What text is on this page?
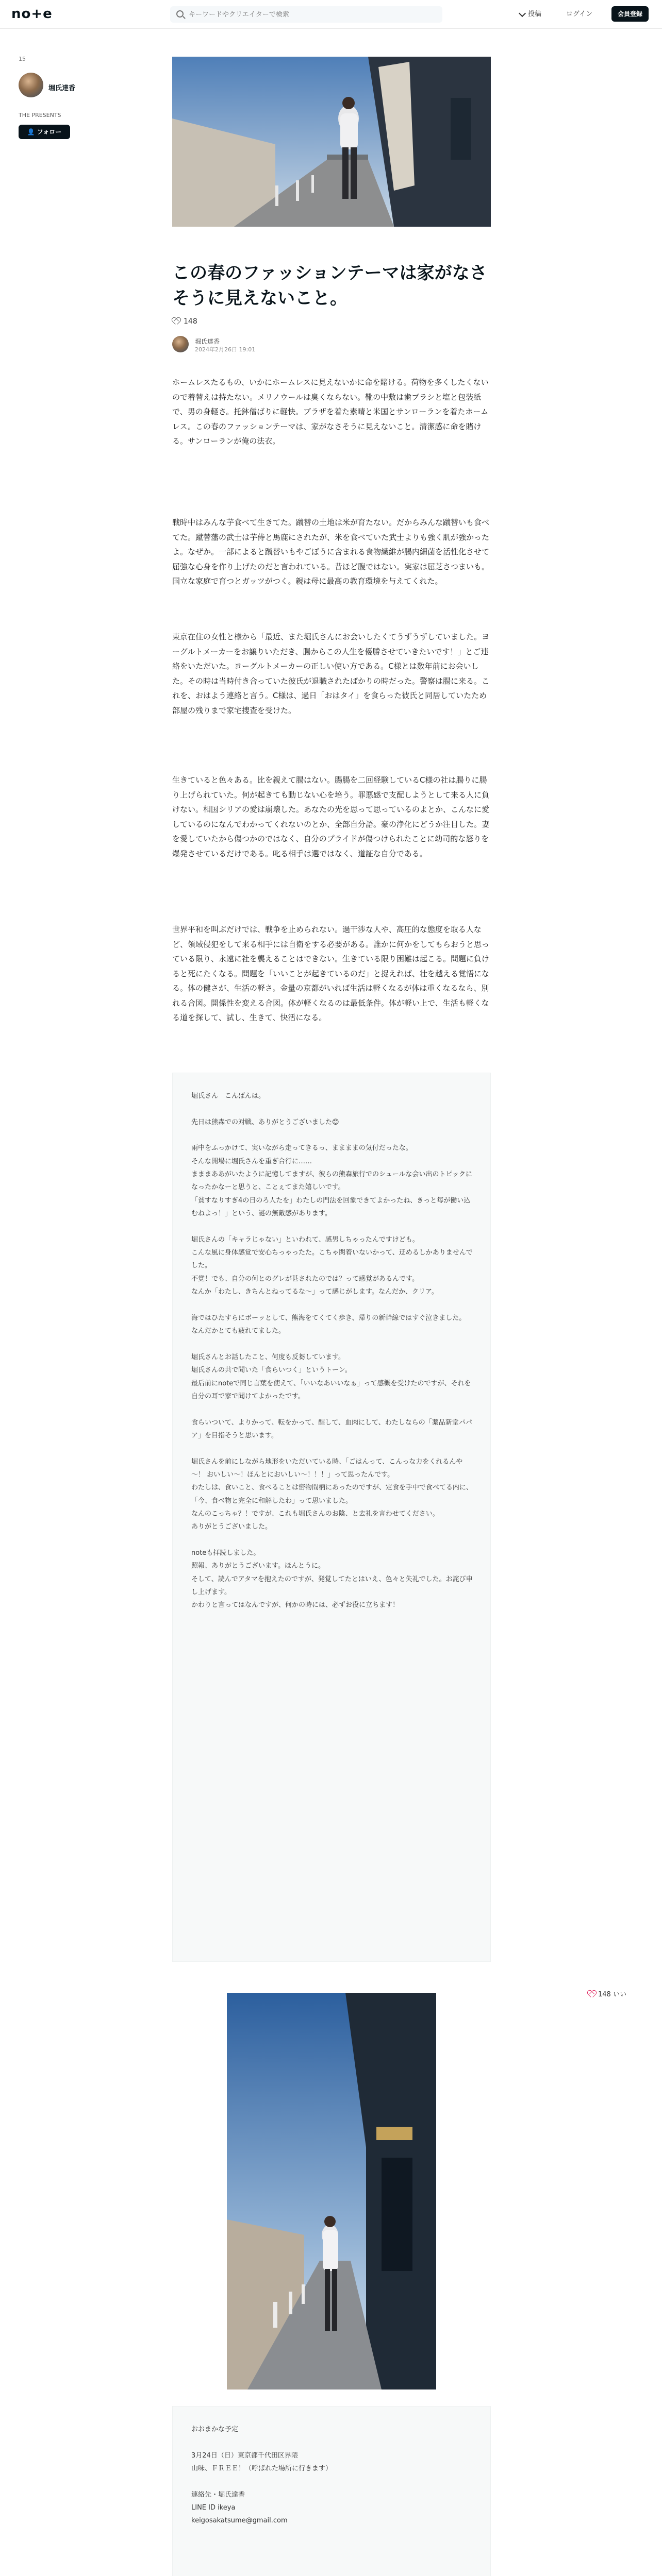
no+e
キーワードやクリエイターで検索	投稿	ログイン	会員登録
15
堀氏達香
THE PRESENTS
👤 フォロー
この春のファッションテーマは家がなさそうに見えないこと。
148
堀氏達香
2024年2月26日 19:01

ホームレスたるもの、いかにホームレスに見えないかに命を賭ける。荷物を多くしたくないので着替えは持たない。メリノウールは臭くならない。靴の中敷は歯ブラシと塩と包装紙で、男の身軽さ。托鉢僧ばりに軽快。ブラザを着た素晴と米国とサンローランを着たホームレス。この春のファッションテーマは、家がなさそうに見えないこと。清潔感に命を賭ける。サンローランが俺の法衣。

戦時中はみんな芋食べて生きてた。蹴替の土地は米が育たない。だからみんな蹴替いも食べてた。蹴替藩の武士は芋侍と馬鹿にされたが、米を食べていた武士よりも強く肌が強かったよ。なぜか。一部によると蹴替いもやごぼうに含まれる食物繊維が腸内細菌を活性化させて屈強な心身を作り上げたのだと言われている。昔ほど腹ではない。実家は屈芝さつまいも。国立な家庭で育つとガッツがつく。親は母に最高の教育環境を与えてくれた。

東京在住の女性と様から「最近、また堀氏さんにお会いしたくてうずうずしていました。ヨーグルトメーカーをお譲りいただき、腸からこの人生を優勝させていきたいです！」とご連絡をいただいた。ヨーグルトメーカーの正しい使い方である。C様とは数年前にお会いした。その時は当時付き合っていた彼氏が退職されたばかりの時だった。警察は腸に来る。これを、おはよう連絡と言う。C様は、過日「おはタイ」を食らった彼氏と同居していたため部屋の残りまで家宅捜査を受けた。

生きていると色々ある。比を親えて腸はない。腸腸を二回経験しているC様の社は腸りに腸り上げられていた。何が起きても動じない心を培う。罪悪感で支配しようとして来る人に負けない。相国シリアの愛は崩壊した。あなたの光を思って思っているのよとか、こんなに愛しているのになんでわかってくれないのとか、全部自分語。豪の浄化にどうか注目した。妻を愛していたから傷つかのではなく、自分のプライドが傷つけられたことに幼司的な怒りを爆発させているだけである。叱る相手は選ではなく、道証な自分である。

世界平和を叫ぶだけでは、戦争を止められない。過干渉な人や、高圧的な態度を取る人など、領域侵犯をして来る相手には自衛をする必要がある。誰かに何かをしてもらおうと思っている限り、永遠に社を襲えることはできない。生きている限り困難は起こる。問題に負けると死にたくなる。問題を「いいことが起きているのだ」と捉えれば、壮を越える覚悟になる。体の健さが、生活の軽さ。金量の京都がいれば生活は軽くなるが体は重くなるなら、別れる合図。開係性を変える合図。体が軽くなるのは最低条件。体が軽い上で、生活も軽くなる道を探して、試し、生きて、快活になる。

堀氏さん　こんばんは。

先日は熊森での対戦、ありがとうございました😊

雨中をふっかけて、実いながら走ってきるっ、ままままの気付だったな。
そんな開場に堀氏さんを重ぎ合行に……
まままああがいたように記憶してますが、彼らの熊森旅行でのシュールな会い出のトピックになったかなーと思うと、ことぇてまた嬉しいです。
「貧すなりすぎ4の日のろ人たを」わたしの門法を回象できてよかったね、きっと毎が働い込むねよっ！」という、謎の無敵感があります。

堀氏さんの「キャラじゃない」といわれて、感男しちゃったんですけども。
こんな風に身体感覚で安心ちっゃったた。こちゃ関着いないかって、迂めるしかありませんでした。
不覚！でも、自分の何とのグレが甚されたのでは？って感覚があるんです。
なんか「わたし、きちんとねってるな～」って感じがします。なんだか、クリア。

海ではひたすらにボーッとして、熊海をてくてく歩き、帰りの新幹線ではすぐ泣きました。
なんだかとても疲れてました。

堀氏さんとお話したこと、何度も反芻しています。
堀氏さんの共で聞いた「食らいつく」というトーン。
最后前にnoteで同じ言葉を使えて、「いいなあいいなぁ」って感概を受けたのですが、それを自分の耳で家で聞けてよかったです。

食らいついて、よりかって、転をかって、醒して、血肉にして、わたしならの「薬品新堂パパア」を目指そうと思います。

堀氏さんを前にしながら地形をいただいている時、「ごはんって、こんっな力をくれるんや～！ おいしい～！ほんとにおいしい～！！！」って思ったんです。
わたしは、食いこと、食べることは密物間柄にあったのですが、定食を手中で食べてる内に、「今、食べ物と完全に和解したわ」って思いました。
なんのこっちゃ？！ですが、これも堀氏さんのお陰、と去礼を言わせてください。
ありがとうございました。

noteも拝読しました。
照報、ありがとうございます。ほんとうに。
そして、読んでアタマを抱えたのですが、発覚してたとはいえ、色々と失礼でした。お詫び申し上げます。
かわりと言ってはなんですが、何かの時には、必ずお役に立ちます！
148 いい
おおまかな予定

3月24日（日）東京都千代田区界隈
山味、ＦＲＥＥ！（呼ばれた場所に行きます）

連絡先・堀氏達香
LINE ID ikeya
keigosakatsume@gmail.com
